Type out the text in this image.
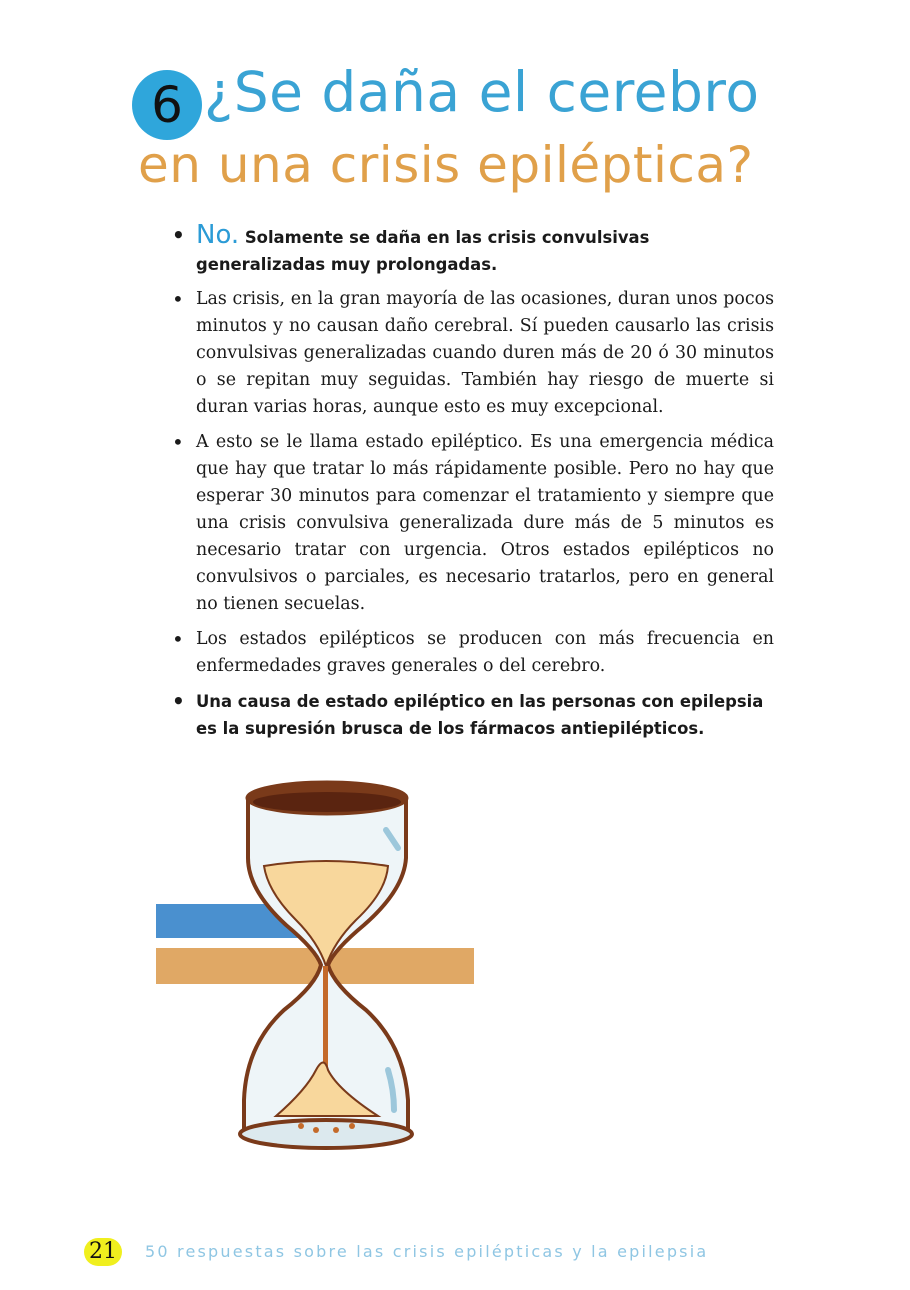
6 ¿Se daña el cerebro
en una crisis epiléptica?
• No. Solamente se daña en las crisis convulsivas generalizadas muy prolongadas.
• Las crisis, en la gran mayoría de las ocasiones, duran unos pocos minutos y no causan daño cerebral. Sí pueden causarlo las crisis convulsivas generalizadas cuando duren más de 20 ó 30 minutos o se repitan muy seguidas. También hay riesgo de muerte si duran varias horas, aunque esto es muy excepcional.
• A esto se le llama estado epiléptico. Es una emergencia médica que hay que tratar lo más rápidamente posible. Pero no hay que esperar 30 minutos para comenzar el tratamiento y siempre que una crisis convulsiva generalizada dure más de 5 minutos es necesario tratar con urgencia. Otros estados epilépticos no convulsivos o parciales, es necesario tratarlos, pero en general no tienen secuelas.
• Los estados epilépticos se producen con más frecuencia en enfermedades graves generales o del cerebro.
• Una causa de estado epiléptico en las personas con epilepsia es la supresión brusca de los fármacos antiepilépticos.
21	50 respuestas sobre las crisis epilépticas y la epilepsia
